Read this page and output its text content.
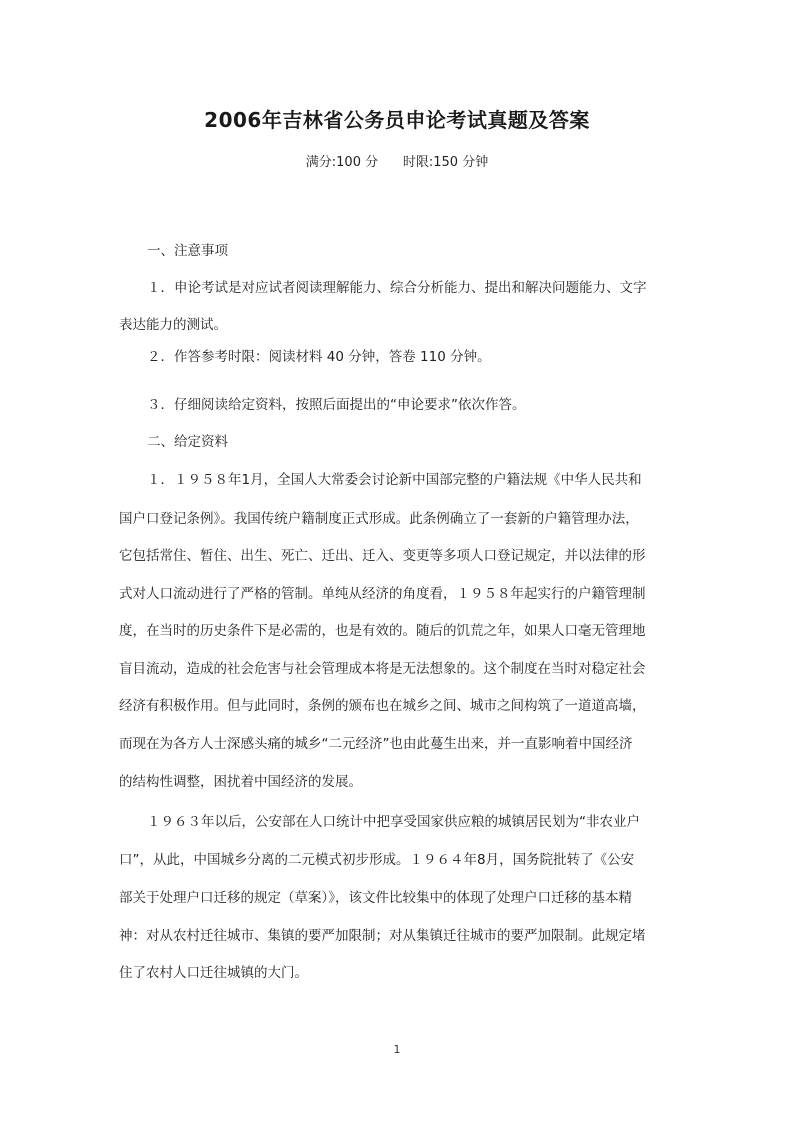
2006年吉林省公务员申论考试真题及答案
满分:100 分      时限:150 分钟
一、注意事项
１．申论考试是对应试者阅读理解能力、综合分析能力、提出和解决问题能力、文字
表达能力的测试。
２．作答参考时限：阅读材料 40 分钟，答卷 110 分钟。
３．仔细阅读给定资料，按照后面提出的“申论要求”依次作答。
二、给定资料
１．１９５８年1月，全国人大常委会讨论新中国部完整的户籍法规《中华人民共和
国户口登记条例》。我国传统户籍制度正式形成。此条例确立了一套新的户籍管理办法，
它包括常住、暂住、出生、死亡、迁出、迁入、变更等多项人口登记规定，并以法律的形
式对人口流动进行了严格的管制。单纯从经济的角度看，１９５８年起实行的户籍管理制
度，在当时的历史条件下是必需的，也是有效的。随后的饥荒之年，如果人口毫无管理地
盲目流动，造成的社会危害与社会管理成本将是无法想象的。这个制度在当时对稳定社会
经济有积极作用。但与此同时，条例的颁布也在城乡之间、城市之间构筑了一道道高墙，
而现在为各方人士深感头痛的城乡“二元经济”也由此蔓生出来，并一直影响着中国经济
的结构性调整，困扰着中国经济的发展。
１９６３年以后，公安部在人口统计中把享受国家供应粮的城镇居民划为“非农业户
口”，从此，中国城乡分离的二元模式初步形成。１９６４年8月，国务院批转了《公安
部关于处理户口迁移的规定（草案）》，该文件比较集中的体现了处理户口迁移的基本精
神：对从农村迁往城市、集镇的要严加限制；对从集镇迁往城市的要严加限制。此规定堵
住了农村人口迁往城镇的大门。
1
